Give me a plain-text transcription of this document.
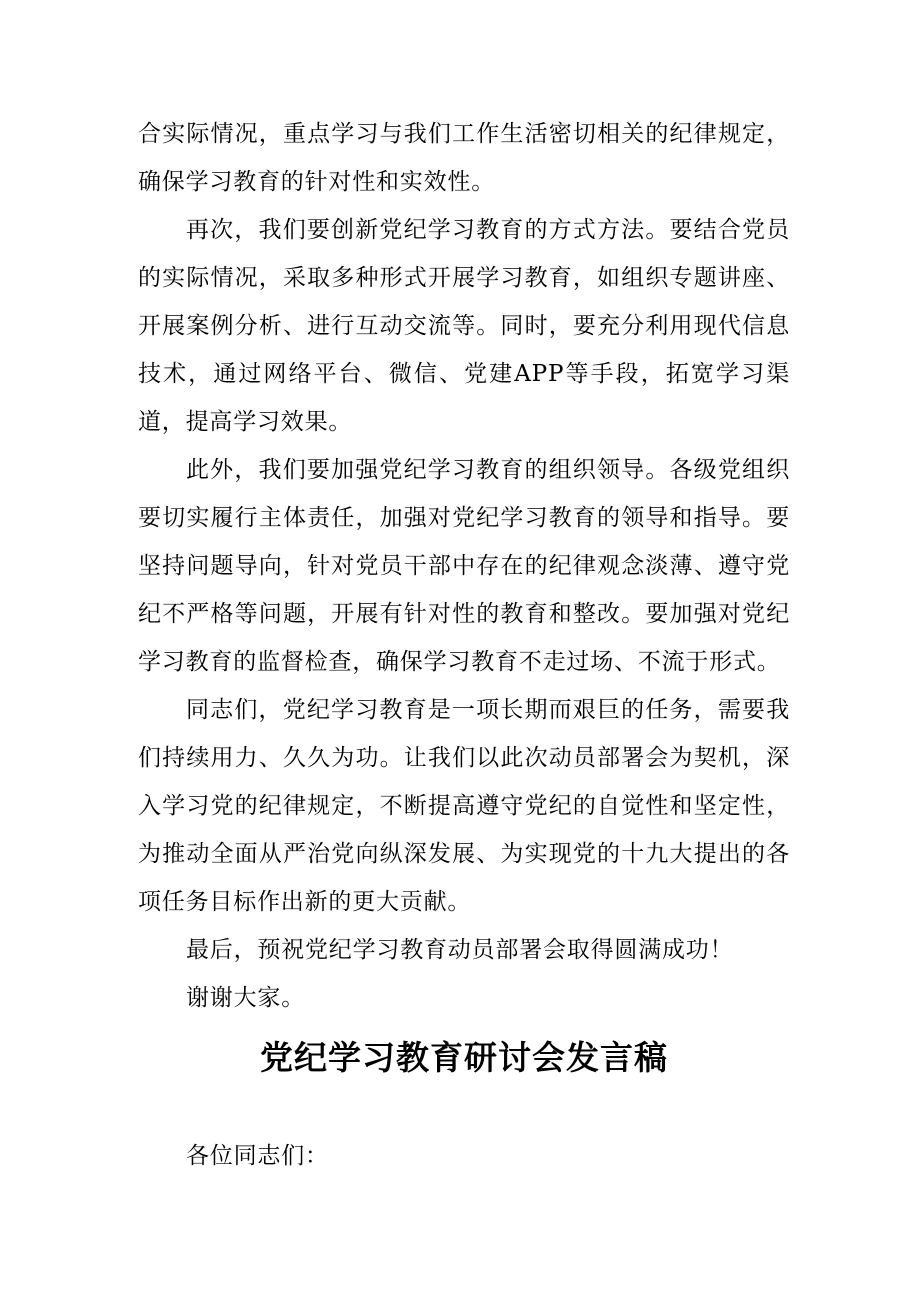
合实际情况，重点学习与我们工作生活密切相关的纪律规定，确保学习教育的针对性和实效性。

再次，我们要创新党纪学习教育的方式方法。要结合党员的实际情况，采取多种形式开展学习教育，如组织专题讲座、开展案例分析、进行互动交流等。同时，要充分利用现代信息技术，通过网络平台、微信、党建APP等手段，拓宽学习渠道，提高学习效果。

此外，我们要加强党纪学习教育的组织领导。各级党组织要切实履行主体责任，加强对党纪学习教育的领导和指导。要坚持问题导向，针对党员干部中存在的纪律观念淡薄、遵守党纪不严格等问题，开展有针对性的教育和整改。要加强对党纪学习教育的监督检查，确保学习教育不走过场、不流于形式。

同志们，党纪学习教育是一项长期而艰巨的任务，需要我们持续用力、久久为功。让我们以此次动员部署会为契机，深入学习党的纪律规定，不断提高遵守党纪的自觉性和坚定性，为推动全面从严治党向纵深发展、为实现党的十九大提出的各项任务目标作出新的更大贡献。

最后，预祝党纪学习教育动员部署会取得圆满成功！

谢谢大家。

党纪学习教育研讨会发言稿

各位同志们：
